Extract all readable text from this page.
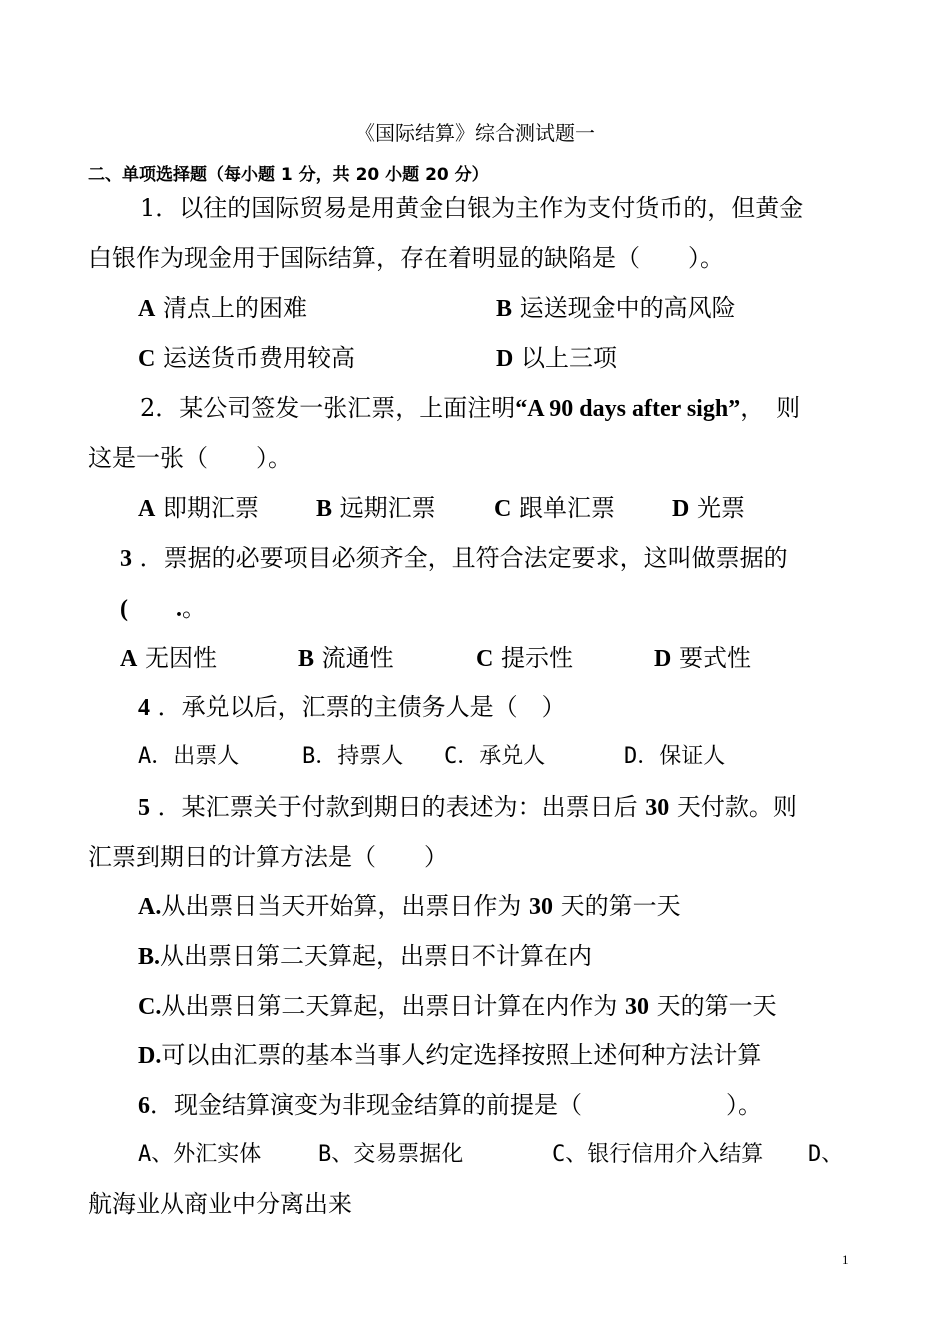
《国际结算》综合测试题一
二、单项选择题（每小题 1 分，共 20 小题 20 分）
1．以往的国际贸易是用黄金白银为主作为支付货币的，但黄金
白银作为现金用于国际结算，存在着明显的缺陷是（　　）。
A 清点上的困难	B 运送现金中的高风险
C 运送货币费用较高	D 以上三项
2．某公司签发一张汇票，上面注明“A 90 days after sigh”，　则
这是一张（　　）。
A 即期汇票 B 远期汇票 C 跟单汇票 D 光票
3 ．票据的必要项目必须齐全，且符合法定要求，这叫做票据的
( .。
A 无因性	B 流通性	C 提示性	D 要式性
4 ．承兑以后，汇票的主债务人是（　）
A．出票人	B．持票人 C．承兑人	D．保证人
5 ．某汇票关于付款到期日的表述为：出票日后 30 天付款。则
汇票到期日的计算方法是（　　）
A.从出票日当天开始算，出票日作为 30 天的第一天
B.从出票日第二天算起，出票日不计算在内
C.从出票日第二天算起，出票日计算在内作为 30 天的第一天
D.可以由汇票的基本当事人约定选择按照上述何种方法计算
6．现金结算演变为非现金结算的前提是（　　　　　　）。
A、外汇实体	B、交易票据化	C、银行信用介入结算 D、
航海业从商业中分离出来
1
